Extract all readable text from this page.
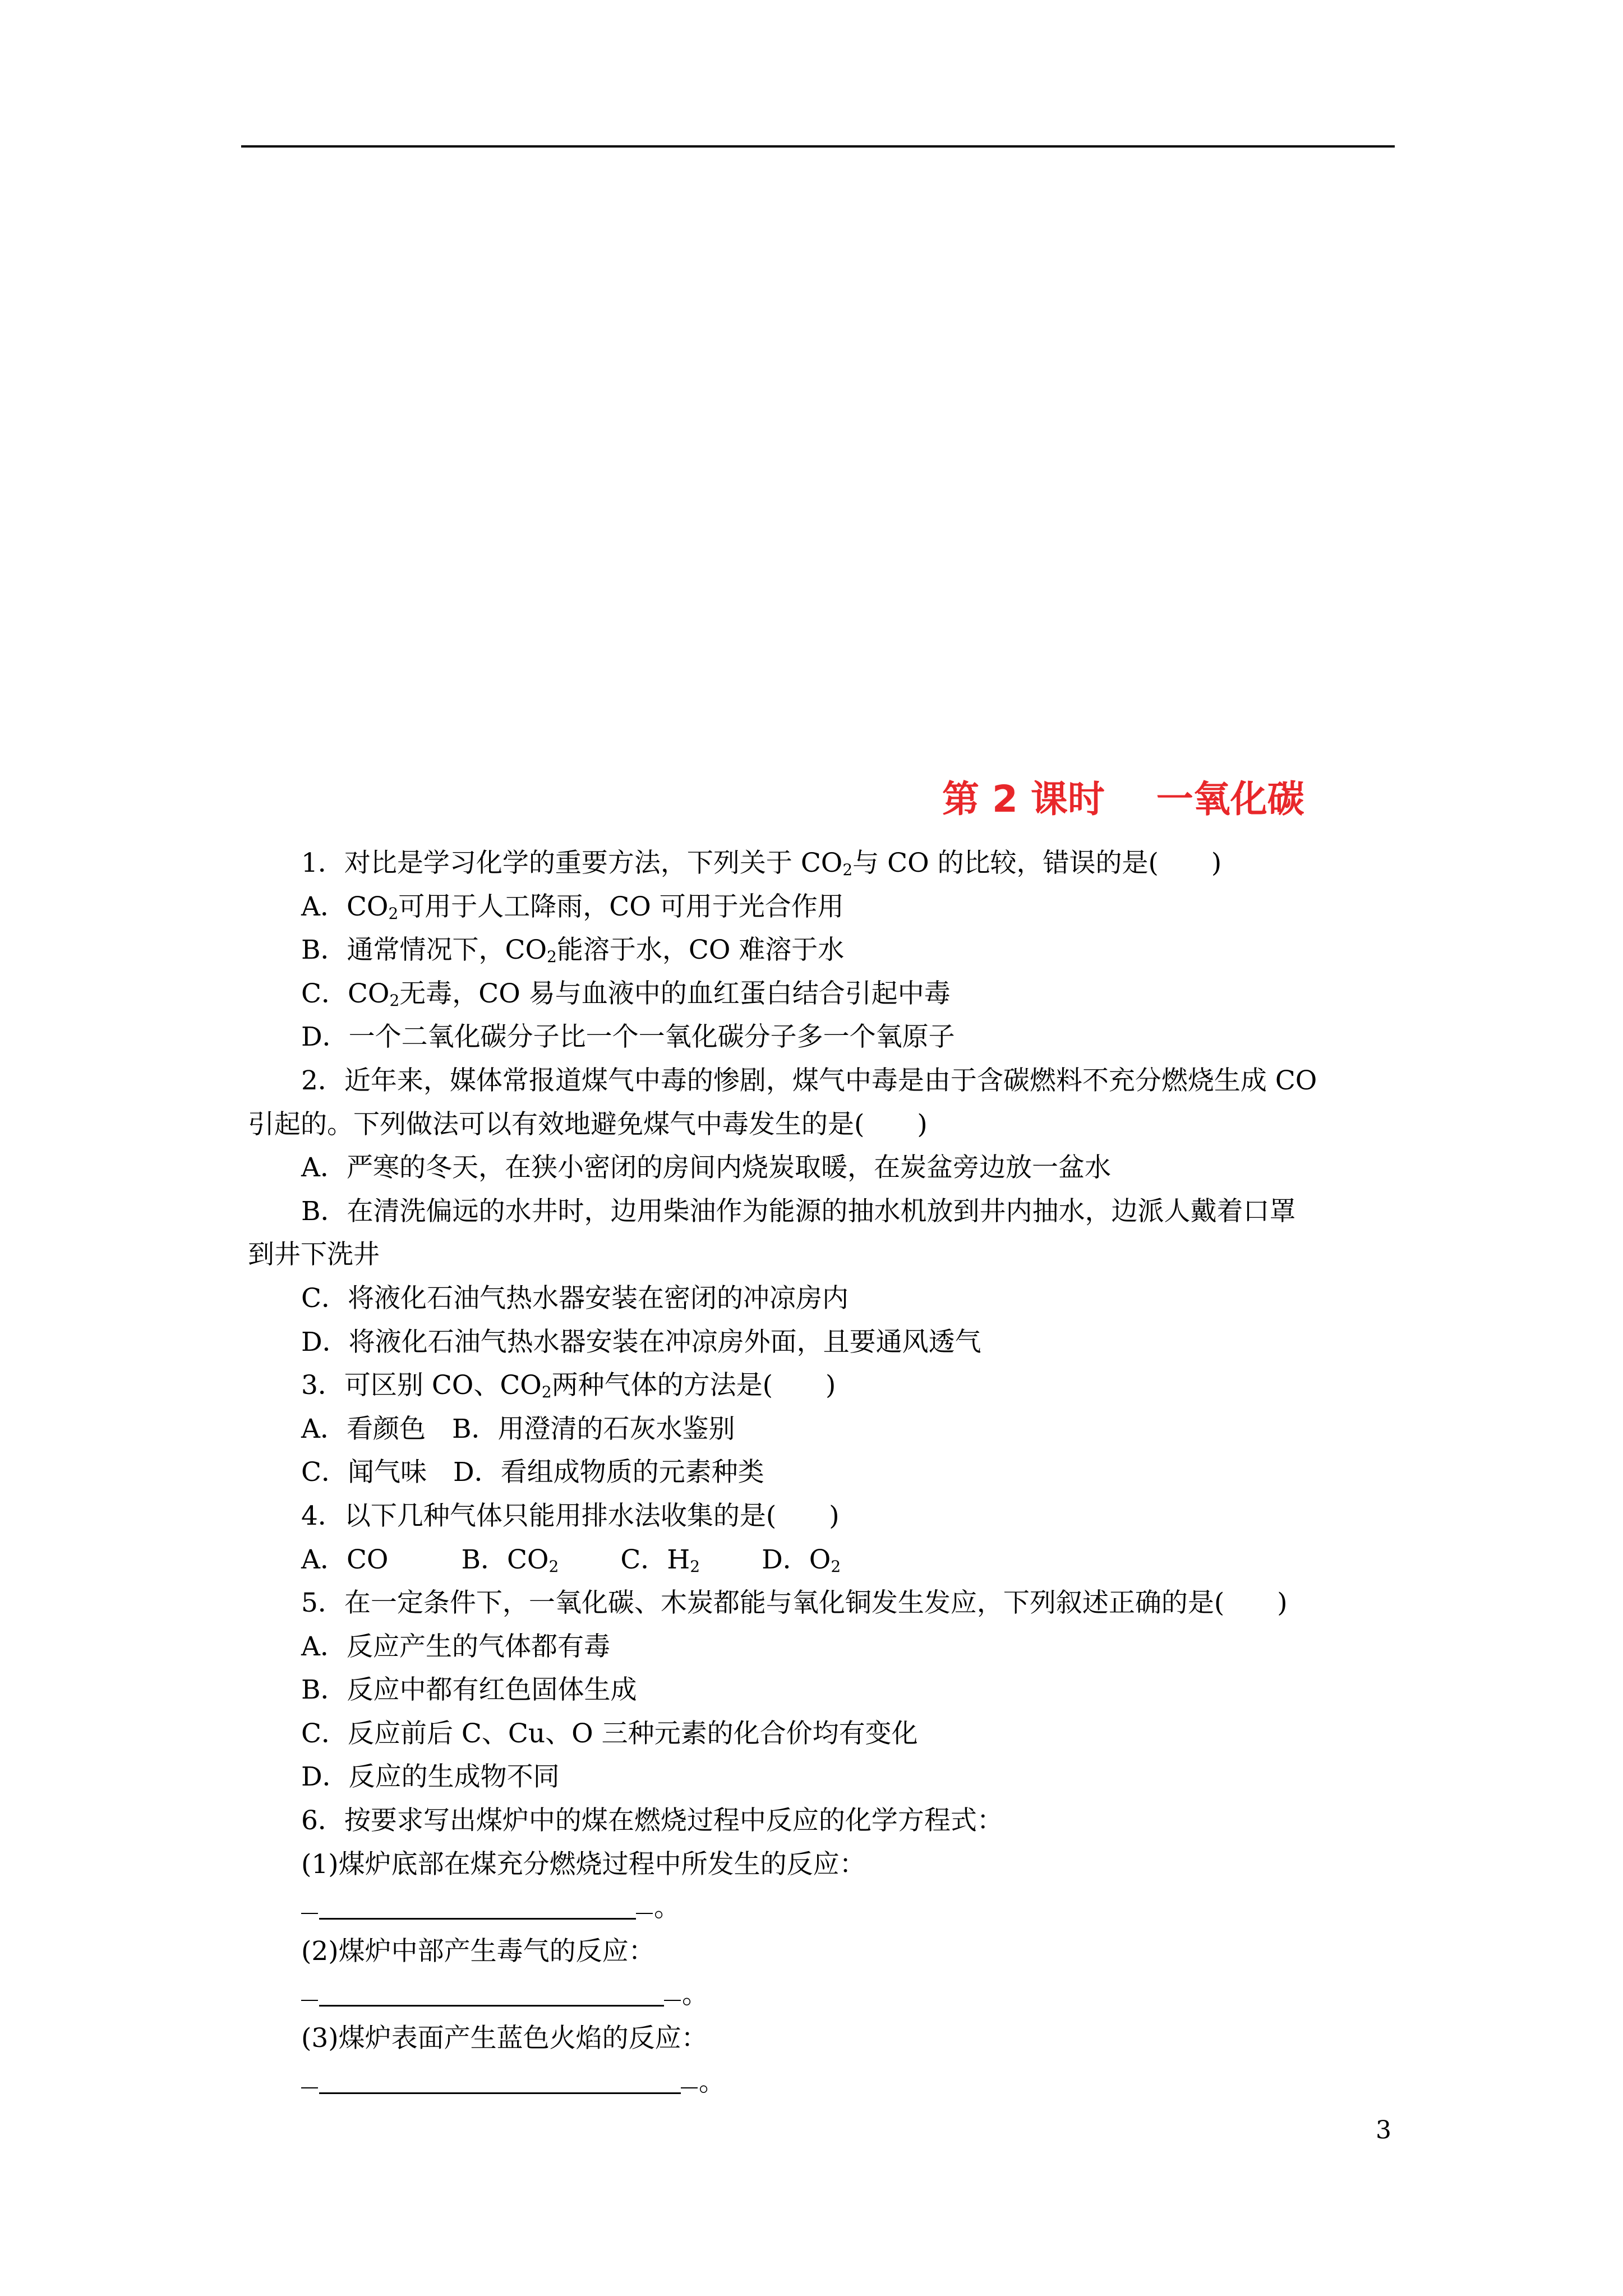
第 2 课时    一氧化碳
1．对比是学习化学的重要方法，下列关于 $CO_2$与 CO 的比较，错误的是(　　)
A．$CO_2$可用于人工降雨，CO 可用于光合作用
B．通常情况下，$CO_2$能溶于水，CO 难溶于水
C．$CO_2$无毒，CO 易与血液中的血红蛋白结合引起中毒
D．一个二氧化碳分子比一个一氧化碳分子多一个氧原子
2．近年来，媒体常报道煤气中毒的惨剧，煤气中毒是由于含碳燃料不充分燃烧生成 CO
引起的。下列做法可以有效地避免煤气中毒发生的是(　　)
A．严寒的冬天，在狭小密闭的房间内烧炭取暖，在炭盆旁边放一盆水
B．在清洗偏远的水井时，边用柴油作为能源的抽水机放到井内抽水，边派人戴着口罩
到井下洗井
C．将液化石油气热水器安装在密闭的冲凉房内
D．将液化石油气热水器安装在冲凉房外面，且要通风透气
3．可区别 CO、$CO_2$两种气体的方法是(　　)
A．看颜色　B．用澄清的石灰水鉴别
C．闻气味　D．看组成物质的元素种类
4．以下几种气体只能用排水法收集的是(　　)
A．CO	B．$CO_2$ C．$H_2$ D．$O_2$
5．在一定条件下，一氧化碳、木炭都能与氧化铜发生发应，下列叙述正确的是(　　)
A．反应产生的气体都有毒
B．反应中都有红色固体生成
C．反应前后 C、Cu、O 三种元素的化合价均有变化
D．反应的生成物不同
6．按要求写出煤炉中的煤在燃烧过程中反应的化学方程式：
(1)煤炉底部在煤充分燃烧过程中所发生的反应：
。
(2)煤炉中部产生毒气的反应：
。
(3)煤炉表面产生蓝色火焰的反应：
。
3
